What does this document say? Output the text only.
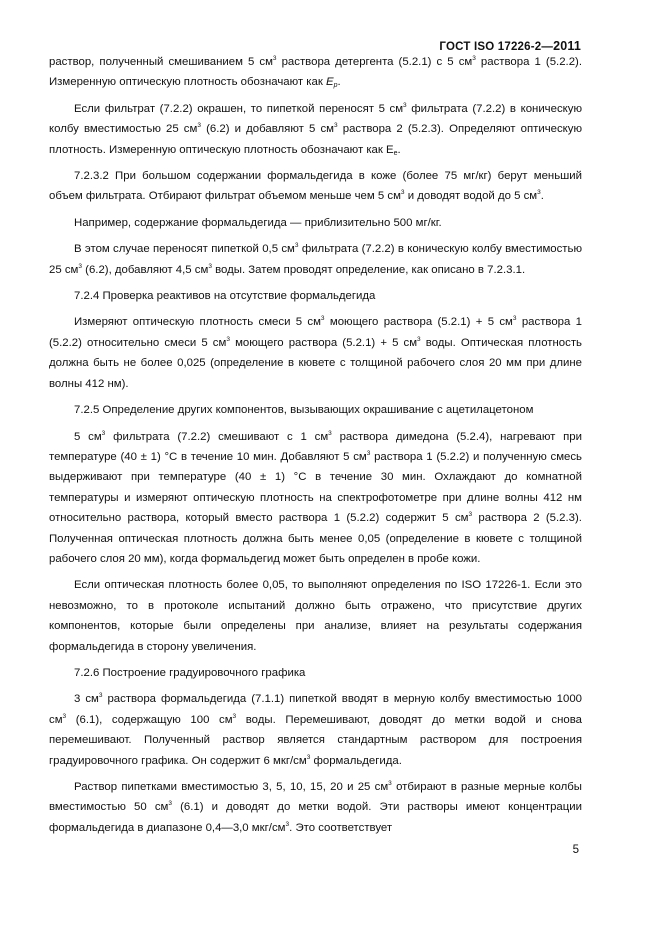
ГОСТ ISO 17226-2—2011

раствор, полученный смешиванием 5 $см^3$ раствора детергента (5.2.1) с 5 $см^3$ раствора 1 (5.2.2). Измеренную оптическую плотность обозначают как $E_p$.

Если фильтрат (7.2.2) окрашен, то пипеткой переносят 5 $см^3$ фильтрата (7.2.2) в коническую колбу вместимостью 25 $см^3$ (6.2) и добавляют 5 $см^3$ раствора 2 (5.2.3). Определяют оптическую плотность. Измеренную оптическую плотность обозначают как $E_e$.

7.2.3.2 При большом содержании формальдегида в коже (более 75 мг/кг) берут меньший объем фильтрата. Отбирают фильтрат объемом меньше чем 5 $см^3$ и доводят водой до 5 $см^3$.

Например, содержание формальдегида — приблизительно 500 мг/кг.

В этом случае переносят пипеткой 0,5 $см^3$ фильтрата (7.2.2) в коническую колбу вместимостью 25 $см^3$ (6.2), добавляют 4,5 $см^3$ воды. Затем проводят определение, как описано в 7.2.3.1.

7.2.4 Проверка реактивов на отсутствие формальдегида

Измеряют оптическую плотность смеси 5 $см^3$ моющего раствора (5.2.1) + 5 $см^3$ раствора 1 (5.2.2) относительно смеси 5 $см^3$ моющего раствора (5.2.1) + 5 $см^3$ воды. Оптическая плотность должна быть не более 0,025 (определение в кювете с толщиной рабочего слоя 20 мм при длине волны 412 нм).

7.2.5 Определение других компонентов, вызывающих окрашивание с ацетилацетоном

5 $см^3$ фильтрата (7.2.2) смешивают с 1 $см^3$ раствора димедона (5.2.4), нагревают при температуре (40 ± 1) °С в течение 10 мин. Добавляют 5 $см^3$ раствора 1 (5.2.2) и полученную смесь выдерживают при температуре (40 ± 1) °С в течение 30 мин. Охлаждают до комнатной температуры и измеряют оптическую плотность на спектрофотометре при длине волны 412 нм относительно раствора, который вместо раствора 1 (5.2.2) содержит 5 $см^3$ раствора 2 (5.2.3). Полученная оптическая плотность должна быть менее 0,05 (определение в кювете с толщиной рабочего слоя 20 мм), когда формальдегид может быть определен в пробе кожи.

Если оптическая плотность более 0,05, то выполняют определения по ISO 17226-1. Если это невозможно, то в протоколе испытаний должно быть отражено, что присутствие других компонентов, которые были определены при анализе, влияет на результаты содержания формальдегида в сторону увеличения.

7.2.6 Построение градуировочного графика

3 $см^3$ раствора формальдегида (7.1.1) пипеткой вводят в мерную колбу вместимостью 1000 $см^3$ (6.1), содержащую 100 $см^3$ воды. Перемешивают, доводят до метки водой и снова перемешивают. Полученный раствор является стандартным раствором для построения градуировочного графика. Он содержит 6 мкг/$см^3$ формальдегида.

Раствор пипетками вместимостью 3, 5, 10, 15, 20 и 25 $см^3$ отбирают в разные мерные колбы вместимостью 50 $см^3$ (6.1) и доводят до метки водой. Эти растворы имеют концентрации формальдегида в диапазоне 0,4—3,0 мкг/$см^3$. Это соответствует

5
